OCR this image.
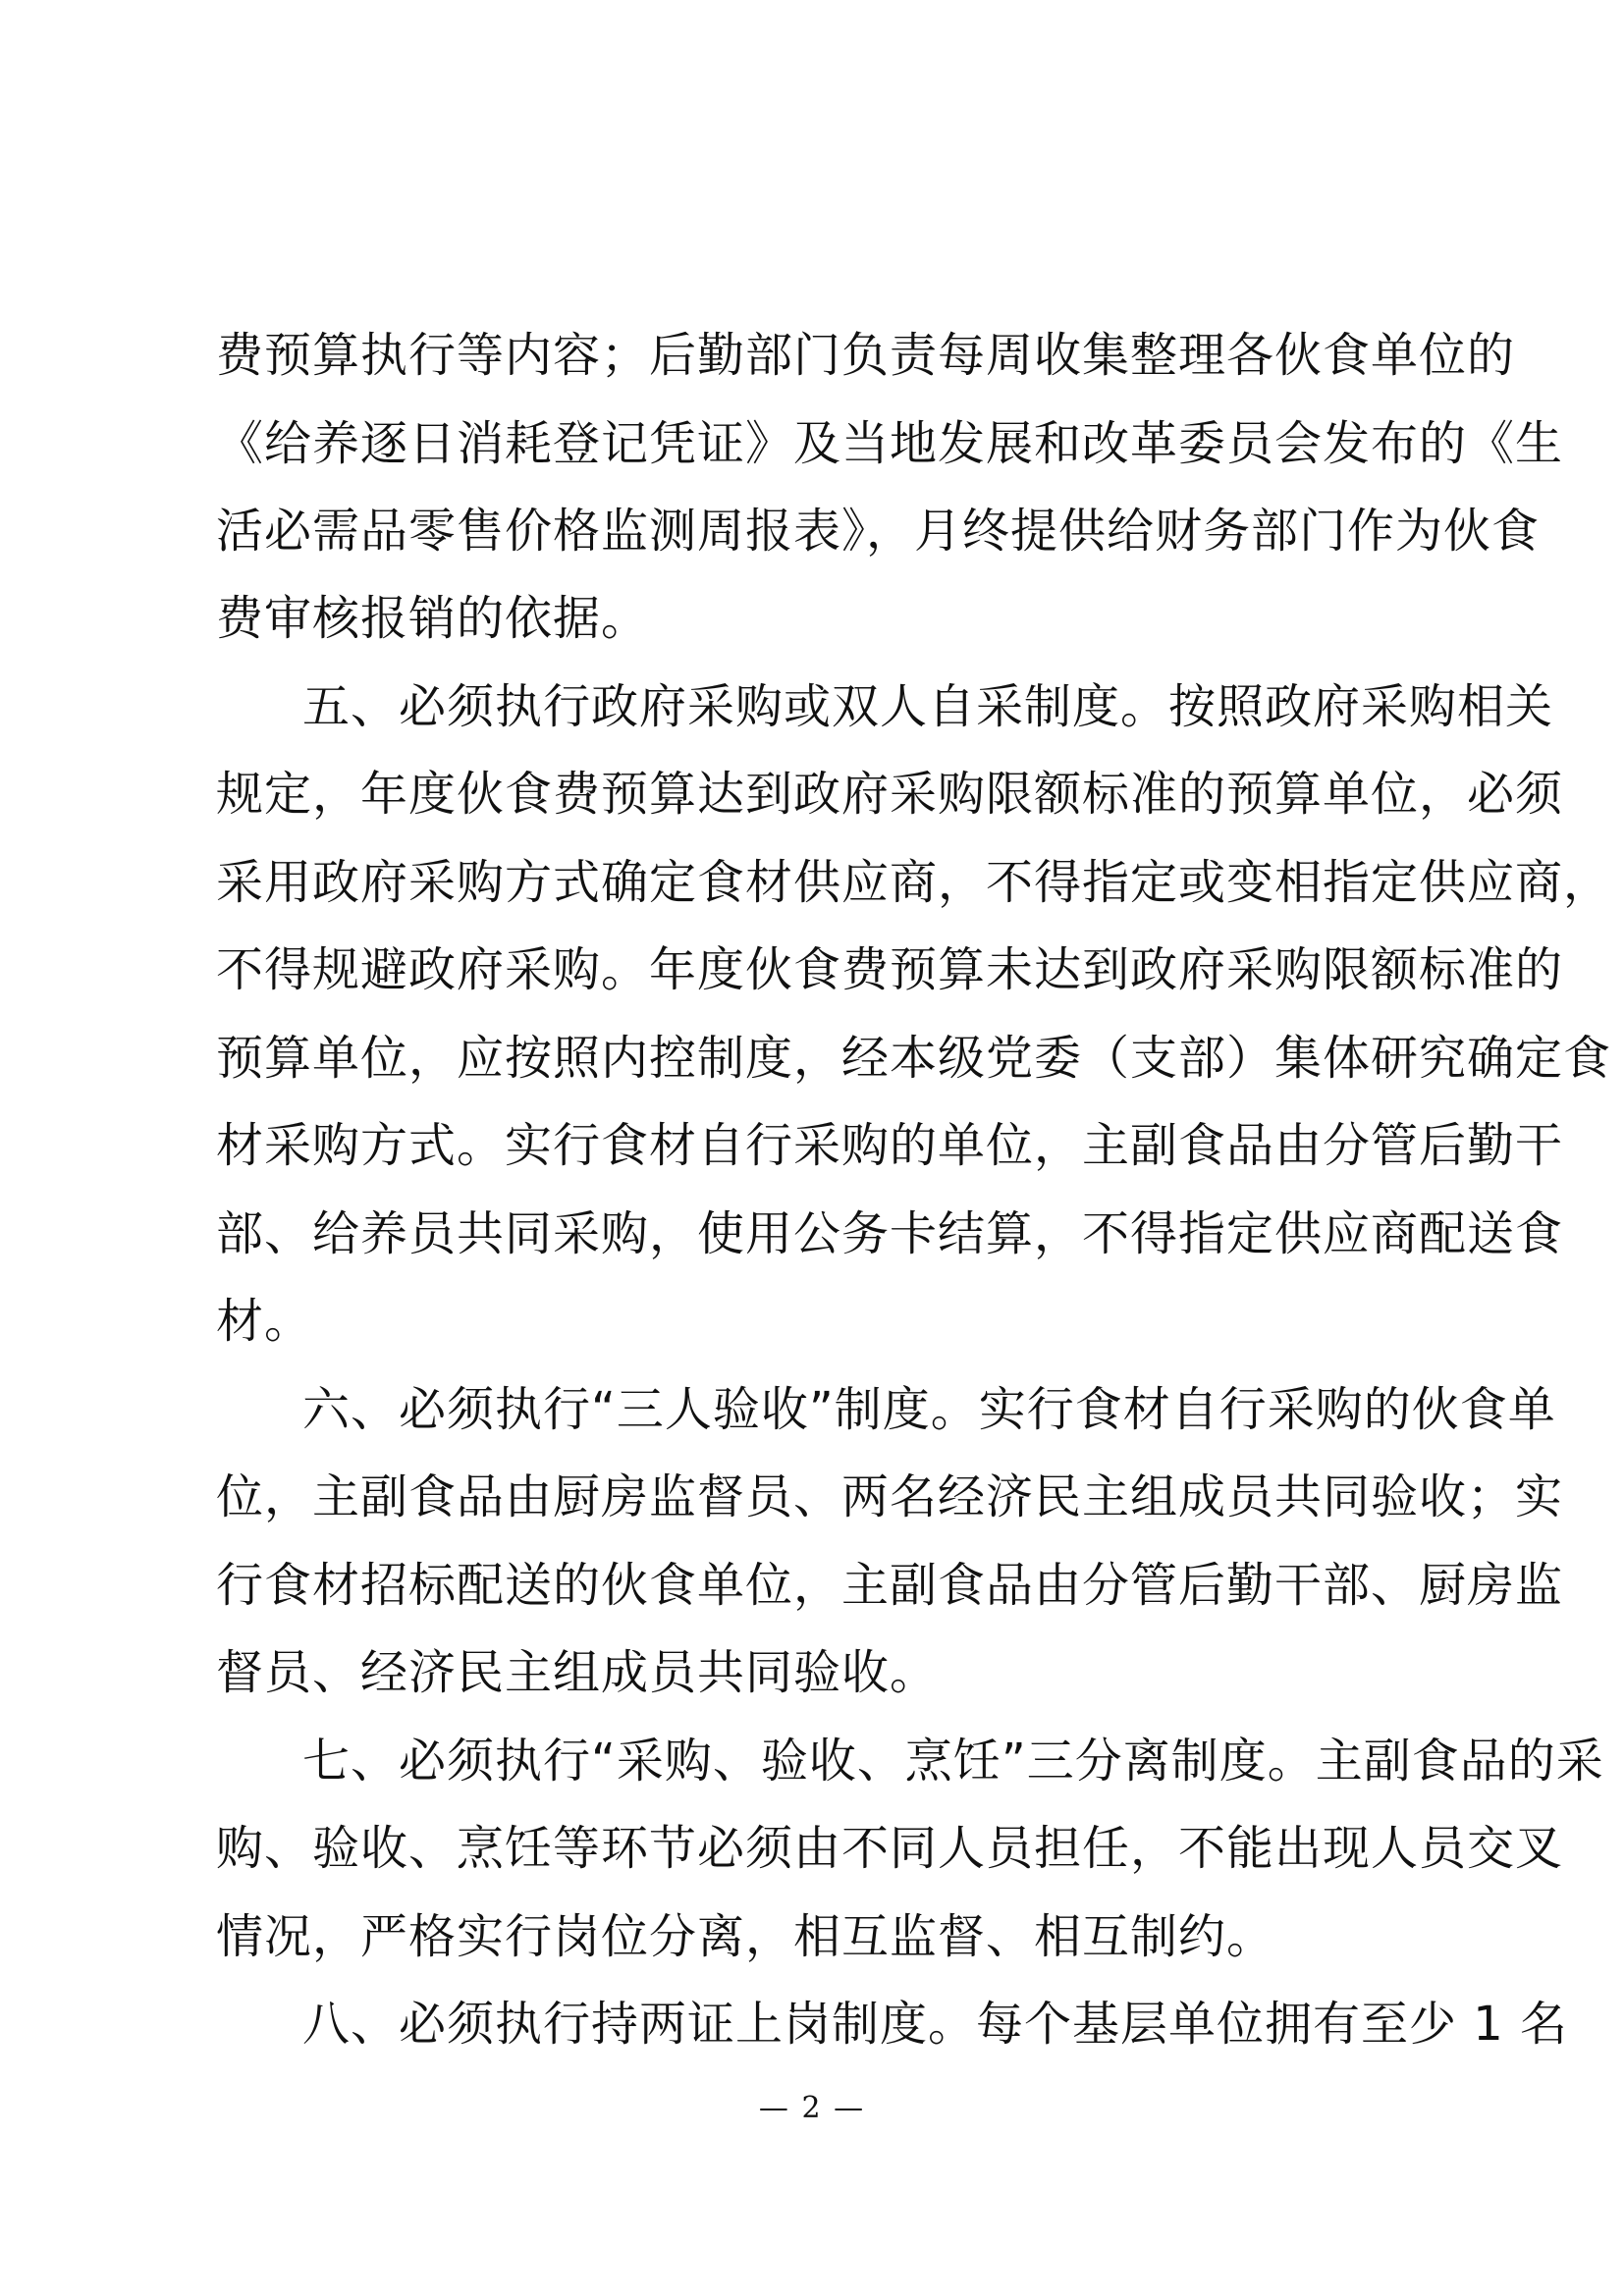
费预算执行等内容；后勤部门负责每周收集整理各伙食单位的
《给养逐日消耗登记凭证》及当地发展和改革委员会发布的《生
活必需品零售价格监测周报表》，月终提供给财务部门作为伙食
费审核报销的依据。
五、必须执行政府采购或双人自采制度。按照政府采购相关
规定，年度伙食费预算达到政府采购限额标准的预算单位，必须
采用政府采购方式确定食材供应商，不得指定或变相指定供应商，
不得规避政府采购。年度伙食费预算未达到政府采购限额标准的
预算单位，应按照内控制度，经本级党委（支部）集体研究确定食
材采购方式。实行食材自行采购的单位，主副食品由分管后勤干
部、给养员共同采购，使用公务卡结算，不得指定供应商配送食
材。
六、必须执行“三人验收”制度。实行食材自行采购的伙食单
位，主副食品由厨房监督员、两名经济民主组成员共同验收；实
行食材招标配送的伙食单位，主副食品由分管后勤干部、厨房监
督员、经济民主组成员共同验收。
七、必须执行“采购、验收、烹饪”三分离制度。主副食品的采
购、验收、烹饪等环节必须由不同人员担任，不能出现人员交叉
情况，严格实行岗位分离，相互监督、相互制约。
八、必须执行持两证上岗制度。每个基层单位拥有至少 1 名
— 2 —
